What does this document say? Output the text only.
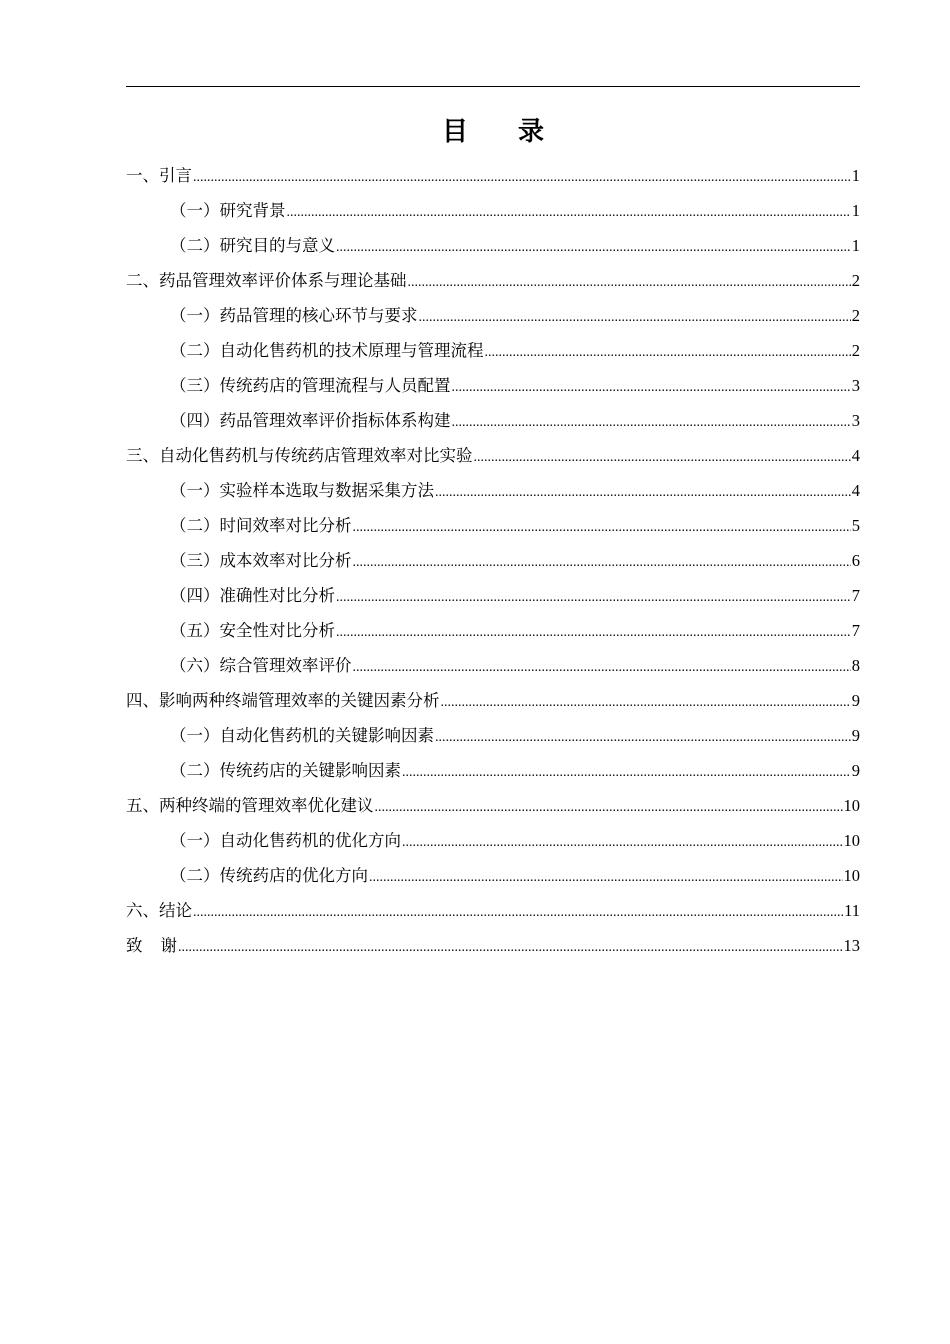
目 录
一、引言 .....	1
（一）研究背景 .....	1
（二）研究目的与意义 .....	1
二、药品管理效率评价体系与理论基础 .....	2
（一）药品管理的核心环节与要求 .....	2
（二）自动化售药机的技术原理与管理流程 .....	2
（三）传统药店的管理流程与人员配置 .....	3
（四）药品管理效率评价指标体系构建 .....	3
三、自动化售药机与传统药店管理效率对比实验 .....	4
（一）实验样本选取与数据采集方法 .....	4
（二）时间效率对比分析 .....	5
（三）成本效率对比分析 .....	6
（四）准确性对比分析 .....	7
（五）安全性对比分析 .....	7
（六）综合管理效率评价 .....	8
四、影响两种终端管理效率的关键因素分析 .....	9
（一）自动化售药机的关键影响因素 .....	9
（二）传统药店的关键影响因素 .....	9
五、两种终端的管理效率优化建议 .....	10
（一）自动化售药机的优化方向 .....	10
（二）传统药店的优化方向 .....	10
六、结论 .....	11
致 谢 .....	13
